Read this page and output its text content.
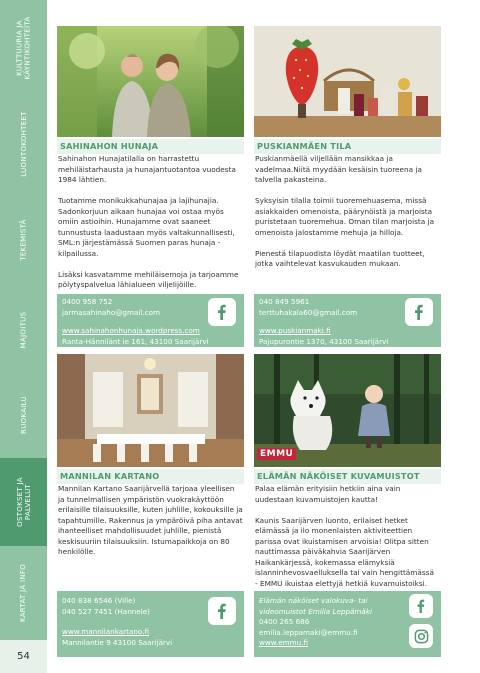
KULTTUURIA JA
KÄYNTIKOHTEITA
LUONTOKOHTEET
TEKEMISTÄ
MAJOITUS
RUOKAILU
OSTOKSET JA
PALVELUT
KARTAT JA INFO
54
SAHINAHON HUNAJA

Sahinahon Hunajatilalla on harrastettu mehiläistarhausta ja hunajantuotantoa vuodesta 1984 lähtien.

Tuotamme monikukkahunajaa ja lajihunajia. Sadonkorjuun aikaan hunajaa voi ostaa myös omiin astioihin. Hunajamme ovat saaneet tunnustusta laadustaan myös valtakunnallisesti, SML:n järjestämässä Suomen paras hunaja -kilpailussa.

Lisäksi kasvatamme mehiläisemoja ja tarjoamme pölytyspalvelua lähialueen viljelijöille.

0400 958 752
jarmasahinaho@gmail.com
www.sahinahonhunaja.wordpress.com
Ranta-Hännilänt ie 161, 43100 Saarijärvi
PUSKIANMÄEN TILA

Puskianmäellä viljellään mansikkaa ja vadelmaa.Niitä myydään kesäisin tuoreena ja talvella pakasteina.

Syksyisin tilalla toimii tuoremehuasema, missä asiakkaiden omenoista, päärynöistä ja marjoista puristetaan tuoremehua. Oman tilan marjoista ja omenoista jalostamme mehuja ja hilloja.

Pienestä tilapuodista löydät maatilan tuotteet, jotka vaihtelevat kasvukauden mukaan.

040 849 5961
terttuhakala60@gmail.com
www.puskianmaki.fi
Pajupurontie 1370, 43100 Saarijärvi
MANNILAN KARTANO

Mannilan Kartano Saarijärvellä tarjoaa yleellisen ja tunnelmallisen ympäristön vuokrakäyttöön erilaisille tilaisuuksille, kuten juhlille, kokouksille ja tapahtumille. Rakennus ja ympäröivä piha antavat ihanteelliset mahdollisuudet juhlille, pienistä keskisuuriin tilaisuuksiin. Istumapaikkoja on 80 henkilölle.

040 838 6546 (Ville)
040 527 7451 (Hannele)
www.mannilankartano.fi
Mannilantie 9 43100 Saarijärvi
EMMU
ELÄMÄN NÄKÖISET KUVAMUISTOT

Palaa elämän erityisiin hetkiin aina vain uudestaan kuvamuistojen kautta!

Kaunis Saarijärven luonto, erilaiset hetket elämässä ja ilo monenlaisten aktiviteettien parissa ovat ikuistamisen arvoisia! Olitpa sitten nauttimassa päiväkahvia Saarijärven Haikankärjessä, kokemassa elämyksiä islanninhevosvaelluksella tai vain hengittämässä

- EMMU ikuistaa elettyjä hetkiä kuvamuistoiksi.

Elämän näköiset valokuva- tai
videomuistot Emilia Leppämäki
0400 265 686
emilia.leppamaki@emmu.fi
www.emmu.fi
